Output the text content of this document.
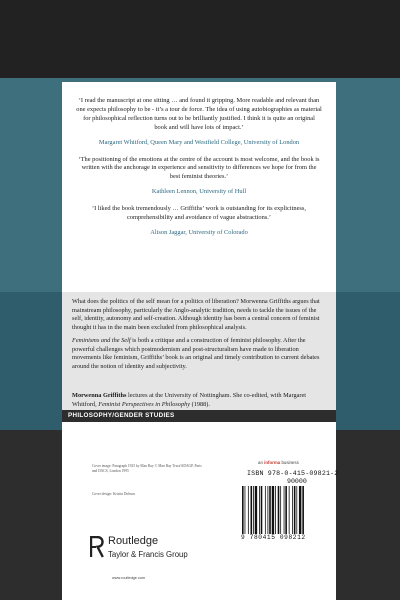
‘I read the manuscript at one sitting … and found it gripping. More readable and relevant than one expects philosophy to be - it’s a tour de force. The idea of using autobiographies as material for philosophical reflection turns out to be brilliantly justified. I think it is quite an original book and will have lots of impact.’

Margaret Whitford, Queen Mary and Westfield College, University of London

‘The positioning of the emotions at the centre of the account is most welcome, and the book is written with the anchorage in experience and sensitivity to differences we hope for from the best feminist theories.’

Kathleen Lennon, University of Hull

‘I liked the book tremendously … Griffiths’ work is outstanding for its explicitness, comprehensibility and avoidance of vague abstractions.’

Alison Jaggar, University of Colorado

What does the politics of the self mean for a politics of liberation? Morwenna Griffiths argues that mainstream philosophy, particularly the Anglo-analytic tradition, needs to tackle the issues of the self, identity, autonomy and self-creation. Although identity has been a central concern of feminist thought it has in the main been excluded from philosophical analysis.

Feminisms and the Self is both a critique and a construction of feminist philosophy. After the powerful challenges which postmodernism and post-structuralism have made to liberation movements like feminism, Griffiths’ book is an original and timely contribution to current debates around the notion of identity and subjectivity.

Morwenna Griffiths lectures at the University of Nottingham. She co-edited, with Margaret Whitford, Feminist Perspectives in Philosophy (1988).

PHILOSOPHY/GENDER STUDIES
Cover image: Paragraph 1925 by Man Ray © Man Ray Trust/ADAGP, Paris and DACS, London 1995
Cover design: Kristin Dobson
Routledge
Taylor & Francis Group
www.routledge.com
an informa business
ISBN 978-0-415-09821-2
90000
9 780415 098212
